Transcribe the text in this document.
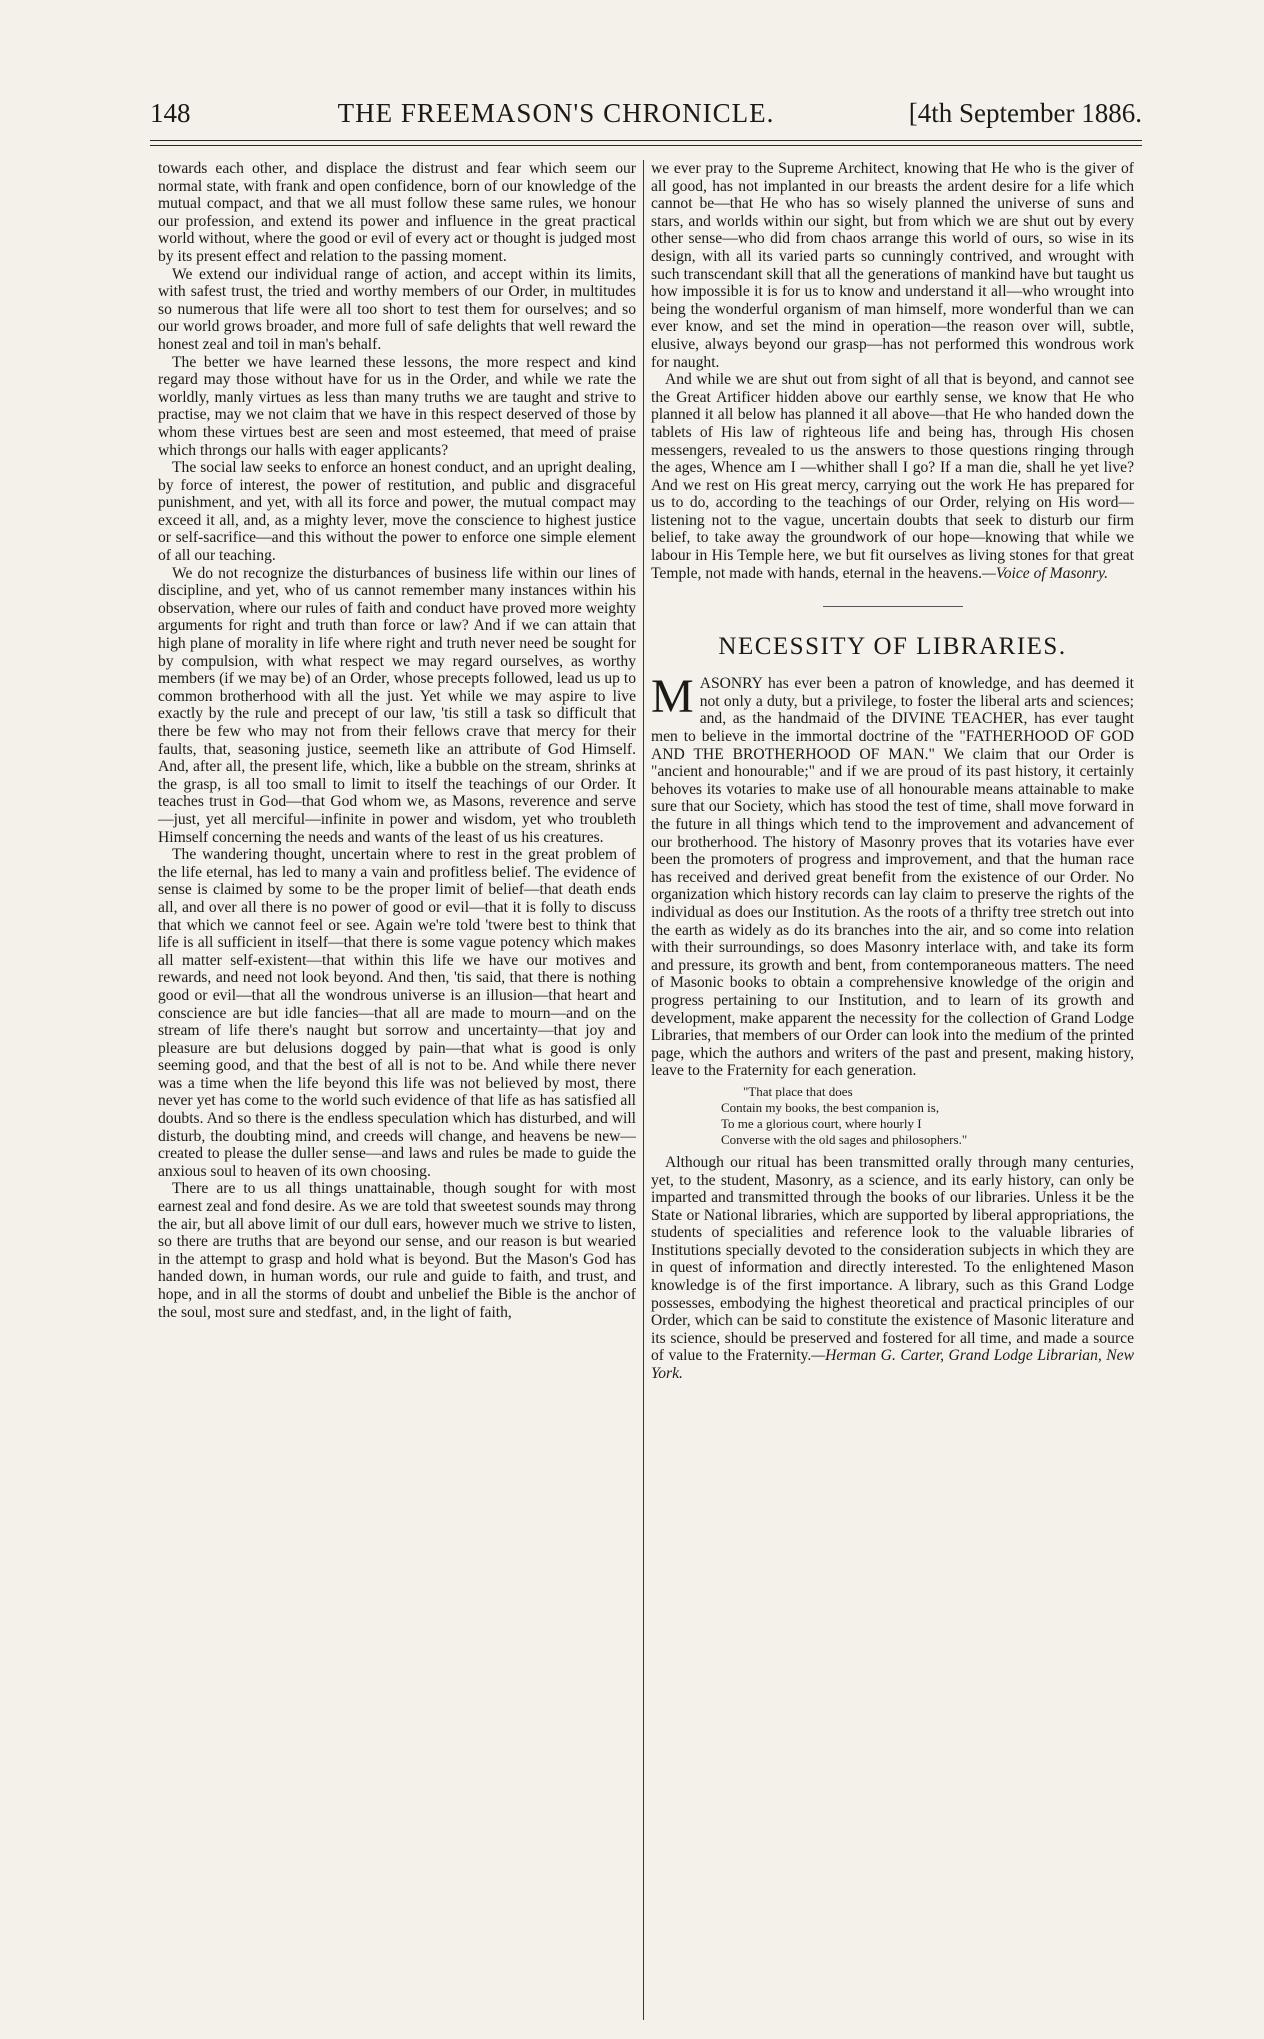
148	THE FREEMASON'S CHRONICLE.	[4th September 1886.

towards each other, and displace the distrust and fear which seem our normal state, with frank and open confidence, born of our knowledge of the mutual compact, and that we all must follow these same rules, we honour our profession, and extend its power and influence in the great practical world without, where the good or evil of every act or thought is judged most by its present effect and relation to the passing moment.

We extend our individual range of action, and accept within its limits, with safest trust, the tried and worthy members of our Order, in multitudes so numerous that life were all too short to test them for ourselves; and so our world grows broader, and more full of safe delights that well reward the honest zeal and toil in man's behalf.

The better we have learned these lessons, the more respect and kind regard may those without have for us in the Order, and while we rate the worldly, manly virtues as less than many truths we are taught and strive to practise, may we not claim that we have in this respect deserved of those by whom these virtues best are seen and most esteemed, that meed of praise which throngs our halls with eager applicants?

The social law seeks to enforce an honest conduct, and an upright dealing, by force of interest, the power of restitution, and public and disgraceful punishment, and yet, with all its force and power, the mutual compact may exceed it all, and, as a mighty lever, move the conscience to highest justice or self-sacrifice—and this without the power to enforce one simple element of all our teaching.

We do not recognize the disturbances of business life within our lines of discipline, and yet, who of us cannot remember many instances within his observation, where our rules of faith and conduct have proved more weighty arguments for right and truth than force or law? And if we can attain that high plane of morality in life where right and truth never need be sought for by compulsion, with what respect we may regard ourselves, as worthy members (if we may be) of an Order, whose precepts followed, lead us up to common brotherhood with all the just. Yet while we may aspire to live exactly by the rule and precept of our law, 'tis still a task so difficult that there be few who may not from their fellows crave that mercy for their faults, that, seasoning justice, seemeth like an attribute of God Himself. And, after all, the present life, which, like a bubble on the stream, shrinks at the grasp, is all too small to limit to itself the teachings of our Order. It teaches trust in God—that God whom we, as Masons, reverence and serve—just, yet all merciful—infinite in power and wisdom, yet who troubleth Himself concerning the needs and wants of the least of us his creatures.

The wandering thought, uncertain where to rest in the great problem of the life eternal, has led to many a vain and profitless belief. The evidence of sense is claimed by some to be the proper limit of belief—that death ends all, and over all there is no power of good or evil—that it is folly to discuss that which we cannot feel or see. Again we're told 'twere best to think that life is all sufficient in itself—that there is some vague potency which makes all matter self-existent—that within this life we have our motives and rewards, and need not look beyond. And then, 'tis said, that there is nothing good or evil—that all the wondrous universe is an illusion—that heart and conscience are but idle fancies—that all are made to mourn—and on the stream of life there's naught but sorrow and uncertainty—that joy and pleasure are but delusions dogged by pain—that what is good is only seeming good, and that the best of all is not to be. And while there never was a time when the life beyond this life was not believed by most, there never yet has come to the world such evidence of that life as has satisfied all doubts. And so there is the endless speculation which has disturbed, and will disturb, the doubting mind, and creeds will change, and heavens be new—created to please the duller sense—and laws and rules be made to guide the anxious soul to heaven of its own choosing.

There are to us all things unattainable, though sought for with most earnest zeal and fond desire. As we are told that sweetest sounds may throng the air, but all above limit of our dull ears, however much we strive to listen, so there are truths that are beyond our sense, and our reason is but wearied in the attempt to grasp and hold what is beyond. But the Mason's God has handed down, in human words, our rule and guide to faith, and trust, and hope, and in all the storms of doubt and unbelief the Bible is the anchor of the soul, most sure and stedfast, and, in the light of faith,

we ever pray to the Supreme Architect, knowing that He who is the giver of all good, has not implanted in our breasts the ardent desire for a life which cannot be—that He who has so wisely planned the universe of suns and stars, and worlds within our sight, but from which we are shut out by every other sense—who did from chaos arrange this world of ours, so wise in its design, with all its varied parts so cunningly contrived, and wrought with such transcendant skill that all the generations of mankind have but taught us how impossible it is for us to know and understand it all—who wrought into being the wonderful organism of man himself, more wonderful than we can ever know, and set the mind in operation—the reason over will, subtle, elusive, always beyond our grasp—has not performed this wondrous work for naught.

And while we are shut out from sight of all that is beyond, and cannot see the Great Artificer hidden above our earthly sense, we know that He who planned it all below has planned it all above—that He who handed down the tablets of His law of righteous life and being has, through His chosen messengers, revealed to us the answers to those questions ringing through the ages, Whence am I —whither shall I go? If a man die, shall he yet live? And we rest on His great mercy, carrying out the work He has prepared for us to do, according to the teachings of our Order, relying on His word—listening not to the vague, uncertain doubts that seek to disturb our firm belief, to take away the groundwork of our hope—knowing that while we labour in His Temple here, we but fit ourselves as living stones for that great Temple, not made with hands, eternal in the heavens.—Voice of Masonry.

NECESSITY OF LIBRARIES.

MASONRY has ever been a patron of knowledge, and has deemed it not only a duty, but a privilege, to foster the liberal arts and sciences; and, as the handmaid of the DIVINE TEACHER, has ever taught men to believe in the immortal doctrine of the "FATHERHOOD OF GOD AND THE BROTHERHOOD OF MAN." We claim that our Order is "ancient and honourable;" and if we are proud of its past history, it certainly behoves its votaries to make use of all honourable means attainable to make sure that our Society, which has stood the test of time, shall move forward in the future in all things which tend to the improvement and advancement of our brotherhood. The history of Masonry proves that its votaries have ever been the promoters of progress and improvement, and that the human race has received and derived great benefit from the existence of our Order. No organization which history records can lay claim to preserve the rights of the individual as does our Institution. As the roots of a thrifty tree stretch out into the earth as widely as do its branches into the air, and so come into relation with their surroundings, so does Masonry interlace with, and take its form and pressure, its growth and bent, from contemporaneous matters. The need of Masonic books to obtain a comprehensive knowledge of the origin and progress pertaining to our Institution, and to learn of its growth and development, make apparent the necessity for the collection of Grand Lodge Libraries, that members of our Order can look into the medium of the printed page, which the authors and writers of the past and present, making history, leave to the Fraternity for each generation.

"That place that does
Contain my books, the best companion is,
To me a glorious court, where hourly I
Converse with the old sages and philosophers."

Although our ritual has been transmitted orally through many centuries, yet, to the student, Masonry, as a science, and its early history, can only be imparted and transmitted through the books of our libraries. Unless it be the State or National libraries, which are supported by liberal appropriations, the students of specialities and reference look to the valuable libraries of Institutions specially devoted to the consideration subjects in which they are in quest of information and directly interested. To the enlightened Mason knowledge is of the first importance. A library, such as this Grand Lodge possesses, embodying the highest theoretical and practical principles of our Order, which can be said to constitute the existence of Masonic literature and its science, should be preserved and fostered for all time, and made a source of value to the Fraternity.—Herman G. Carter, Grand Lodge Librarian, New York.
